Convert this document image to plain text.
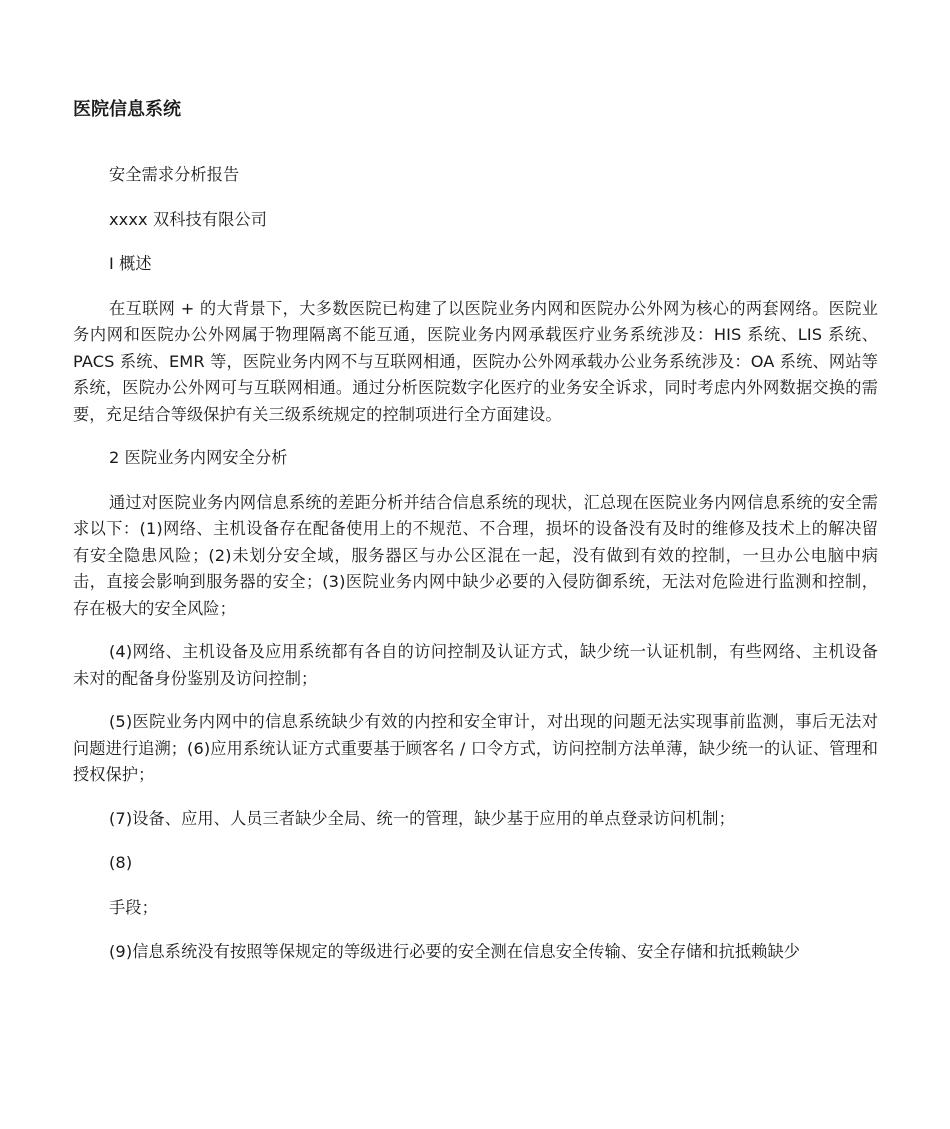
医院信息系统

安全需求分析报告

xxxx 双科技有限公司

I 概述

在互联网 + 的大背景下，大多数医院已构建了以医院业务内网和医院办公外网为核心的两套网络。医院业务内网和医院办公外网属于物理隔离不能互通，医院业务内网承载医疗业务系统涉及：HIS 系统、LIS 系统、PACS 系统、EMR 等，医院业务内网不与互联网相通，医院办公外网承载办公业务系统涉及：OA 系统、网站等系统，医院办公外网可与互联网相通。通过分析医院数字化医疗的业务安全诉求，同时考虑内外网数据交换的需要，充足结合等级保护有关三级系统规定的控制项进行全方面建设。

2 医院业务内网安全分析

通过对医院业务内网信息系统的差距分析并结合信息系统的现状，汇总现在医院业务内网信息系统的安全需求以下：(1)网络、主机设备存在配备使用上的不规范、不合理，损坏的设备没有及时的维修及技术上的解决留有安全隐患风险；(2)未划分安全域，服务器区与办公区混在一起，没有做到有效的控制，一旦办公电脑中病击，直接会影响到服务器的安全；(3)医院业务内网中缺少必要的入侵防御系统，无法对危险进行监测和控制，存在极大的安全风险；

(4)网络、主机设备及应用系统都有各自的访问控制及认证方式，缺少统一认证机制，有些网络、主机设备未对的配备身份鉴别及访问控制；

(5)医院业务内网中的信息系统缺少有效的内控和安全审计，对出现的问题无法实现事前监测，事后无法对问题进行追溯；(6)应用系统认证方式重要基于顾客名 / 口令方式，访问控制方法单薄，缺少统一的认证、管理和授权保护；

(7)设备、应用、人员三者缺少全局、统一的管理，缺少基于应用的单点登录访问机制；

(8)

手段；

(9)信息系统没有按照等保规定的等级进行必要的安全测在信息安全传输、安全存储和抗抵赖缺少
